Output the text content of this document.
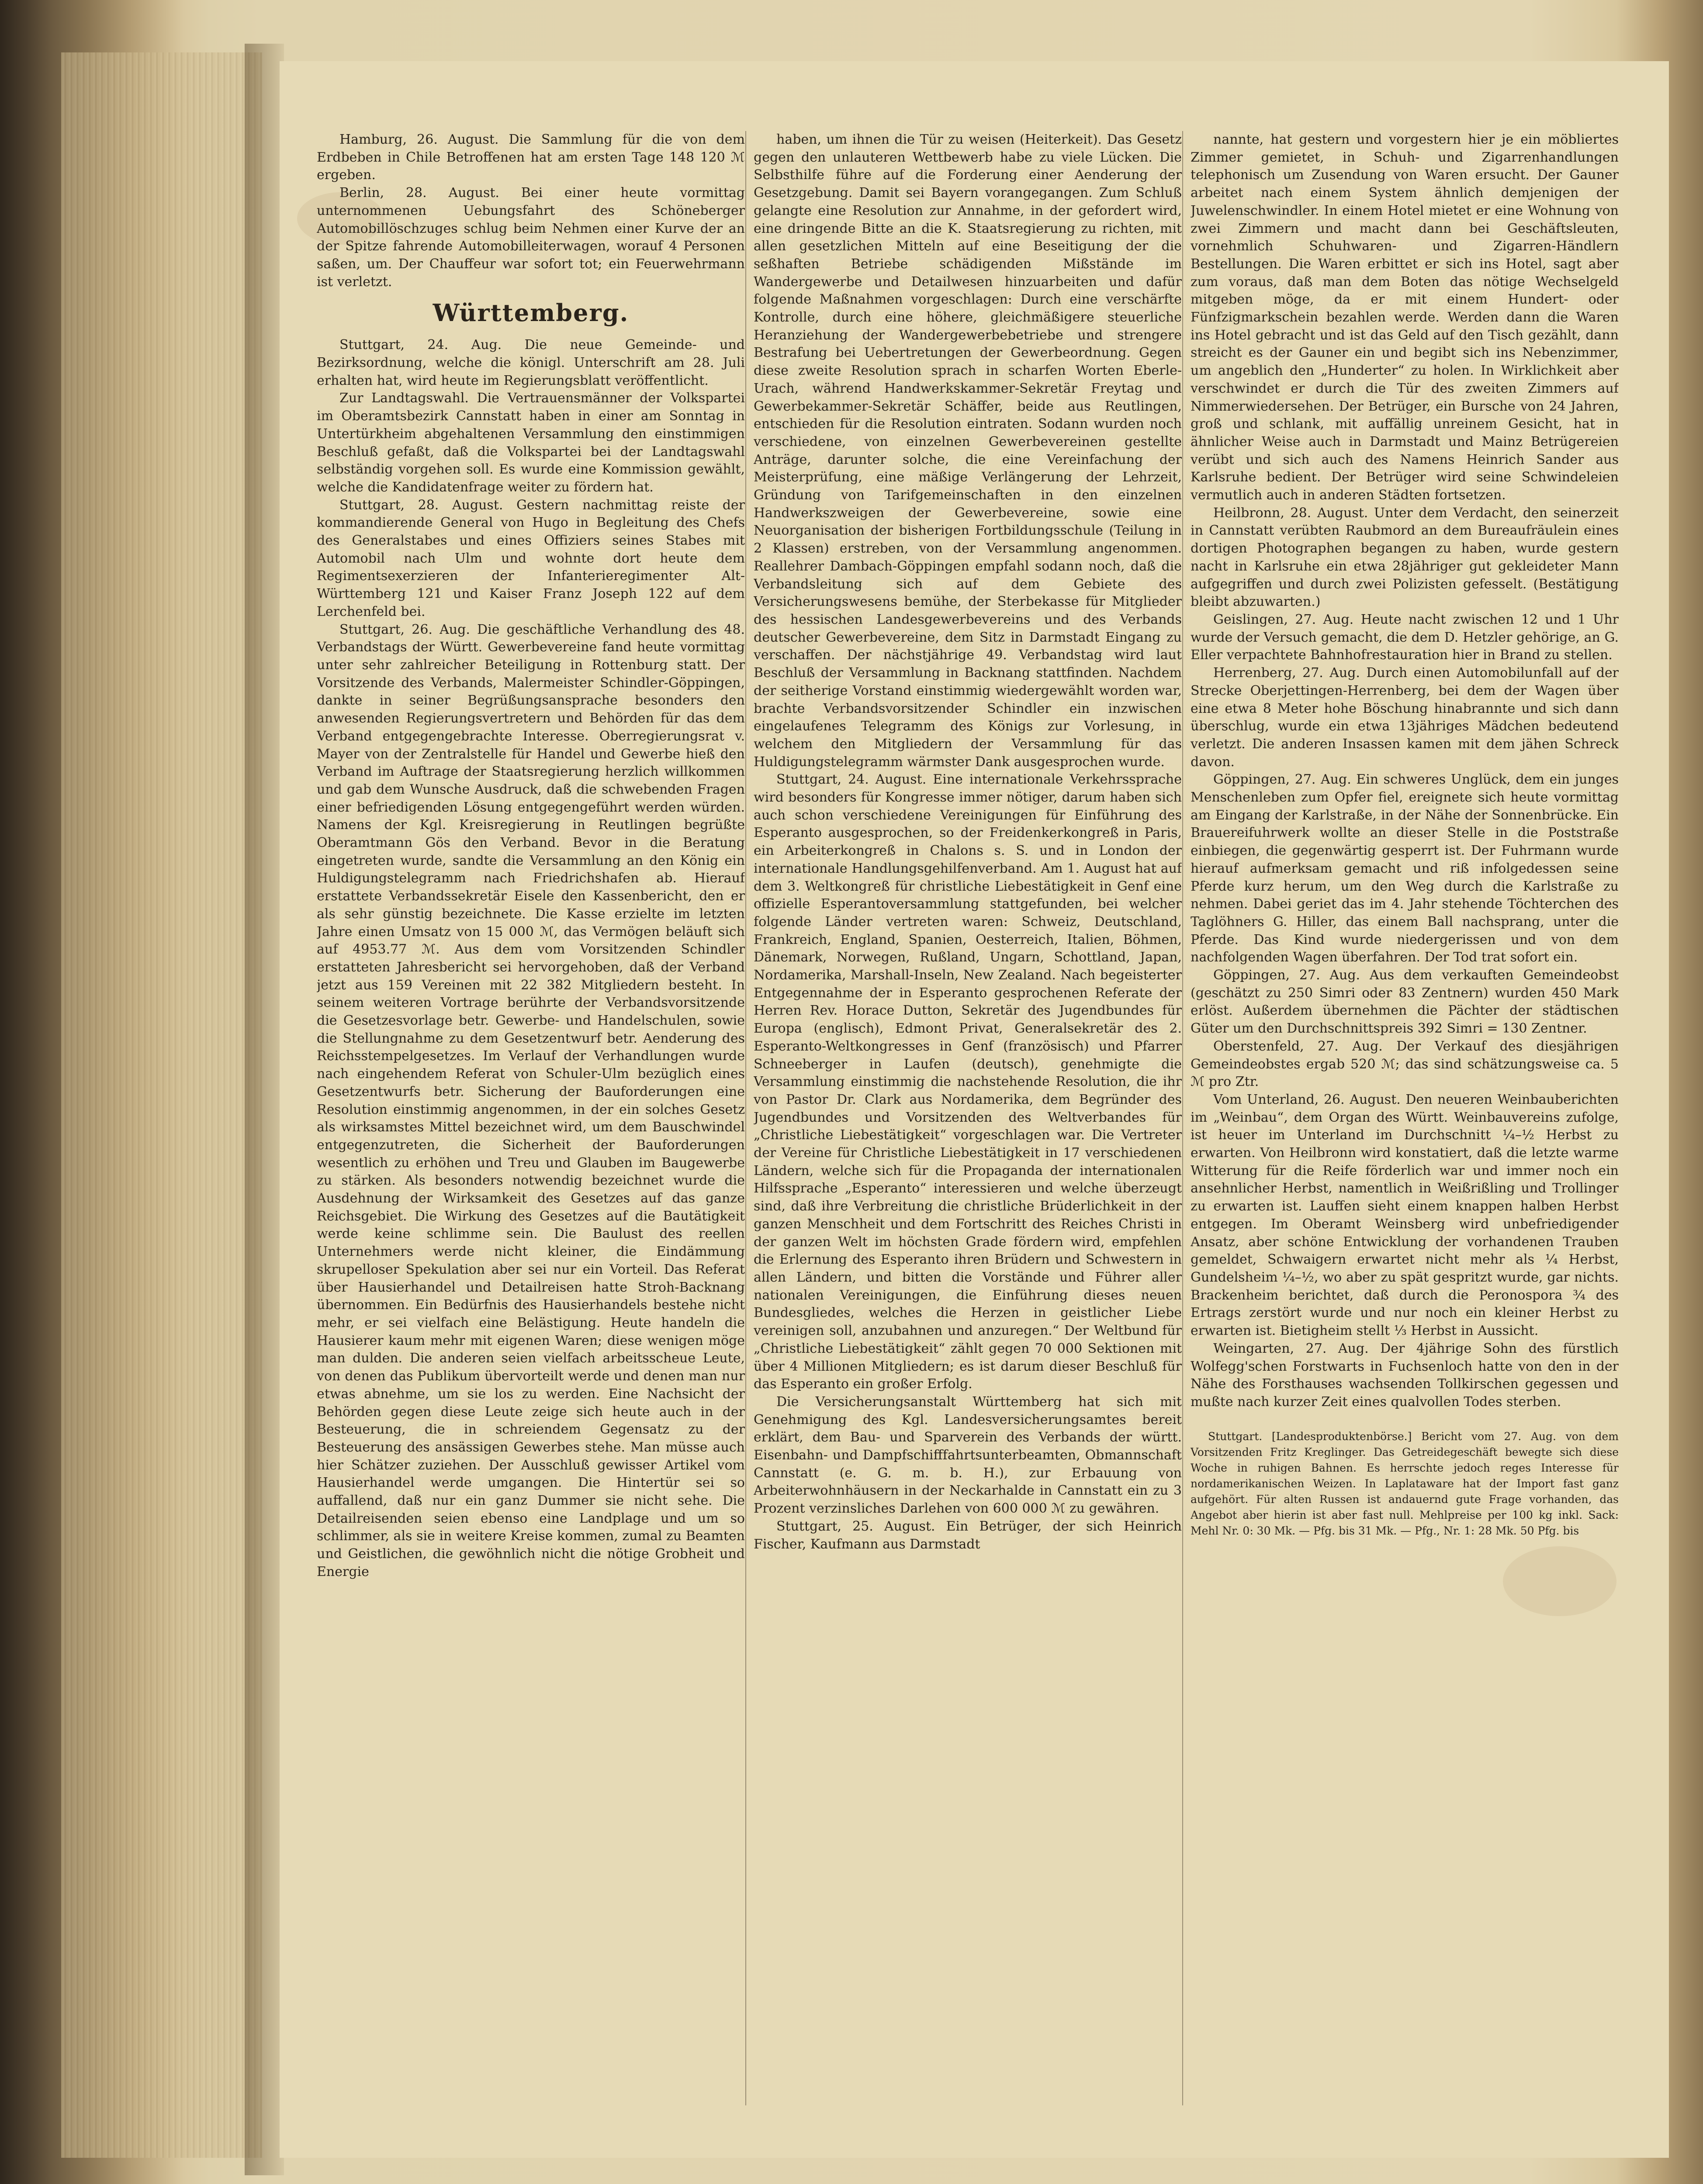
Hamburg, 26. August. Die Sammlung für die von dem Erdbeben in Chile Betroffenen hat am ersten Tage 148 120 ℳ ergeben.

Berlin, 28. August. Bei einer heute vormittag unternommenen Uebungsfahrt des Schöneberger Automobillöschzuges schlug beim Nehmen einer Kurve der an der Spitze fahrende Automobilleiterwagen, worauf 4 Personen saßen, um. Der Chauffeur war sofort tot; ein Feuerwehrmann ist verletzt.

Württemberg.

Stuttgart, 24. Aug. Die neue Gemeinde- und Bezirksordnung, welche die königl. Unterschrift am 28. Juli erhalten hat, wird heute im Regierungsblatt veröffentlicht.

Zur Landtagswahl. Die Vertrauensmänner der Volkspartei im Oberamtsbezirk Cannstatt haben in einer am Sonntag in Untertürkheim abgehaltenen Versammlung den einstimmigen Beschluß gefaßt, daß die Volkspartei bei der Landtagswahl selbständig vorgehen soll. Es wurde eine Kommission gewählt, welche die Kandidatenfrage weiter zu fördern hat.

Stuttgart, 28. August. Gestern nachmittag reiste der kommandierende General von Hugo in Begleitung des Chefs des Generalstabes und eines Offiziers seines Stabes mit Automobil nach Ulm und wohnte dort heute dem Regimentsexerzieren der Infanterieregimenter Alt-Württemberg 121 und Kaiser Franz Joseph 122 auf dem Lerchenfeld bei.

Stuttgart, 26. Aug. Die geschäftliche Verhandlung des 48. Verbandstags der Württ. Gewerbevereine fand heute vormittag unter sehr zahlreicher Beteiligung in Rottenburg statt. Der Vorsitzende des Verbands, Malermeister Schindler-Göppingen, dankte in seiner Begrüßungsansprache besonders den anwesenden Regierungsvertretern und Behörden für das dem Verband entgegengebrachte Interesse. Oberregierungsrat v. Mayer von der Zentralstelle für Handel und Gewerbe hieß den Verband im Auftrage der Staatsregierung herzlich willkommen und gab dem Wunsche Ausdruck, daß die schwebenden Fragen einer befriedigenden Lösung entgegengeführt werden würden. Namens der Kgl. Kreisregierung in Reutlingen begrüßte Oberamtmann Gös den Verband. Bevor in die Beratung eingetreten wurde, sandte die Versammlung an den König ein Huldigungstelegramm nach Friedrichshafen ab. Hierauf erstattete Verbandssekretär Eisele den Kassenbericht, den er als sehr günstig bezeichnete. Die Kasse erzielte im letzten Jahre einen Umsatz von 15 000 ℳ, das Vermögen beläuft sich auf 4953.77 ℳ. Aus dem vom Vorsitzenden Schindler erstatteten Jahresbericht sei hervorgehoben, daß der Verband jetzt aus 159 Vereinen mit 22 382 Mitgliedern besteht. In seinem weiteren Vortrage berührte der Verbandsvorsitzende die Gesetzesvorlage betr. Gewerbe- und Handelschulen, sowie die Stellungnahme zu dem Gesetzentwurf betr. Aenderung des Reichsstempelgesetzes. Im Verlauf der Verhandlungen wurde nach eingehendem Referat von Schuler-Ulm bezüglich eines Gesetzentwurfs betr. Sicherung der Bauforderungen eine Resolution einstimmig angenommen, in der ein solches Gesetz als wirksamstes Mittel bezeichnet wird, um dem Bauschwindel entgegenzutreten, die Sicherheit der Bauforderungen wesentlich zu erhöhen und Treu und Glauben im Baugewerbe zu stärken. Als besonders notwendig bezeichnet wurde die Ausdehnung der Wirksamkeit des Gesetzes auf das ganze Reichsgebiet. Die Wirkung des Gesetzes auf die Bautätigkeit werde keine schlimme sein. Die Baulust des reellen Unternehmers werde nicht kleiner, die Eindämmung skrupelloser Spekulation aber sei nur ein Vorteil. Das Referat über Hausierhandel und Detailreisen hatte Stroh-Backnang übernommen. Ein Bedürfnis des Hausierhandels bestehe nicht mehr, er sei vielfach eine Belästigung. Heute handeln die Hausierer kaum mehr mit eigenen Waren; diese wenigen möge man dulden. Die anderen seien vielfach arbeitsscheue Leute, von denen das Publikum übervorteilt werde und denen man nur etwas abnehme, um sie los zu werden. Eine Nachsicht der Behörden gegen diese Leute zeige sich heute auch in der Besteuerung, die in schreiendem Gegensatz zu der Besteuerung des ansässigen Gewerbes stehe. Man müsse auch hier Schätzer zuziehen. Der Ausschluß gewisser Artikel vom Hausierhandel werde umgangen. Die Hintertür sei so auffallend, daß nur ein ganz Dummer sie nicht sehe. Die Detailreisenden seien ebenso eine Landplage und um so schlimmer, als sie in weitere Kreise kommen, zumal zu Beamten und Geistlichen, die gewöhnlich nicht die nötige Grobheit und Energie

haben, um ihnen die Tür zu weisen (Heiterkeit). Das Gesetz gegen den unlauteren Wettbewerb habe zu viele Lücken. Die Selbsthilfe führe auf die Forderung einer Aenderung der Gesetzgebung. Damit sei Bayern vorangegangen. Zum Schluß gelangte eine Resolution zur Annahme, in der gefordert wird, eine dringende Bitte an die K. Staatsregierung zu richten, mit allen gesetzlichen Mitteln auf eine Beseitigung der die seßhaften Betriebe schädigenden Mißstände im Wandergewerbe und Detailwesen hinzuarbeiten und dafür folgende Maßnahmen vorgeschlagen: Durch eine verschärfte Kontrolle, durch eine höhere, gleichmäßigere steuerliche Heranziehung der Wandergewerbebetriebe und strengere Bestrafung bei Uebertretungen der Gewerbeordnung. Gegen diese zweite Resolution sprach in scharfen Worten Eberle-Urach, während Handwerkskammer-Sekretär Freytag und Gewerbekammer-Sekretär Schäffer, beide aus Reutlingen, entschieden für die Resolution eintraten. Sodann wurden noch verschiedene, von einzelnen Gewerbevereinen gestellte Anträge, darunter solche, die eine Vereinfachung der Meisterprüfung, eine mäßige Verlängerung der Lehrzeit, Gründung von Tarifgemeinschaften in den einzelnen Handwerkszweigen der Gewerbevereine, sowie eine Neuorganisation der bisherigen Fortbildungsschule (Teilung in 2 Klassen) erstreben, von der Versammlung angenommen. Reallehrer Dambach-Göppingen empfahl sodann noch, daß die Verbandsleitung sich auf dem Gebiete des Versicherungswesens bemühe, der Sterbekasse für Mitglieder des hessischen Landesgewerbevereins und des Verbands deutscher Gewerbevereine, dem Sitz in Darmstadt Eingang zu verschaffen. Der nächstjährige 49. Verbandstag wird laut Beschluß der Versammlung in Backnang stattfinden. Nachdem der seitherige Vorstand einstimmig wiedergewählt worden war, brachte Verbandsvorsitzender Schindler ein inzwischen eingelaufenes Telegramm des Königs zur Vorlesung, in welchem den Mitgliedern der Versammlung für das Huldigungstelegramm wärmster Dank ausgesprochen wurde.

Stuttgart, 24. August. Eine internationale Verkehrssprache wird besonders für Kongresse immer nötiger, darum haben sich auch schon verschiedene Vereinigungen für Einführung des Esperanto ausgesprochen, so der Freidenkerkongreß in Paris, ein Arbeiterkongreß in Chalons s. S. und in London der internationale Handlungsgehilfenverband. Am 1. August hat auf dem 3. Weltkongreß für christliche Liebestätigkeit in Genf eine offizielle Esperantoversammlung stattgefunden, bei welcher folgende Länder vertreten waren: Schweiz, Deutschland, Frankreich, England, Spanien, Oesterreich, Italien, Böhmen, Dänemark, Norwegen, Rußland, Ungarn, Schottland, Japan, Nordamerika, Marshall-Inseln, New Zealand. Nach begeisterter Entgegennahme der in Esperanto gesprochenen Referate der Herren Rev. Horace Dutton, Sekretär des Jugendbundes für Europa (englisch), Edmont Privat, Generalsekretär des 2. Esperanto-Weltkongresses in Genf (französisch) und Pfarrer Schneeberger in Laufen (deutsch), genehmigte die Versammlung einstimmig die nachstehende Resolution, die ihr von Pastor Dr. Clark aus Nordamerika, dem Begründer des Jugendbundes und Vorsitzenden des Weltverbandes für „Christliche Liebestätigkeit“ vorgeschlagen war. Die Vertreter der Vereine für Christliche Liebestätigkeit in 17 verschiedenen Ländern, welche sich für die Propaganda der internationalen Hilfssprache „Esperanto“ interessieren und welche überzeugt sind, daß ihre Verbreitung die christliche Brüderlichkeit in der ganzen Menschheit und dem Fortschritt des Reiches Christi in der ganzen Welt im höchsten Grade fördern wird, empfehlen die Erlernung des Esperanto ihren Brüdern und Schwestern in allen Ländern, und bitten die Vorstände und Führer aller nationalen Vereinigungen, die Einführung dieses neuen Bundesgliedes, welches die Herzen in geistlicher Liebe vereinigen soll, anzubahnen und anzuregen.“ Der Weltbund für „Christliche Liebestätigkeit“ zählt gegen 70 000 Sektionen mit über 4 Millionen Mitgliedern; es ist darum dieser Beschluß für das Esperanto ein großer Erfolg.

Die Versicherungsanstalt Württemberg hat sich mit Genehmigung des Kgl. Landesversicherungsamtes bereit erklärt, dem Bau- und Sparverein des Verbands der württ. Eisenbahn- und Dampfschifffahrtsunterbeamten, Obmannschaft Cannstatt (e. G. m. b. H.), zur Erbauung von Arbeiterwohnhäusern in der Neckarhalde in Cannstatt ein zu 3 Prozent verzinsliches Darlehen von 600 000 ℳ zu gewähren.

Stuttgart, 25. August. Ein Betrüger, der sich Heinrich Fischer, Kaufmann aus Darmstadt

nannte, hat gestern und vorgestern hier je ein möbliertes Zimmer gemietet, in Schuh- und Zigarrenhandlungen telephonisch um Zusendung von Waren ersucht. Der Gauner arbeitet nach einem System ähnlich demjenigen der Juwelenschwindler. In einem Hotel mietet er eine Wohnung von zwei Zimmern und macht dann bei Geschäftsleuten, vornehmlich Schuhwaren- und Zigarren-Händlern Bestellungen. Die Waren erbittet er sich ins Hotel, sagt aber zum voraus, daß man dem Boten das nötige Wechselgeld mitgeben möge, da er mit einem Hundert- oder Fünfzigmarkschein bezahlen werde. Werden dann die Waren ins Hotel gebracht und ist das Geld auf den Tisch gezählt, dann streicht es der Gauner ein und begibt sich ins Nebenzimmer, um angeblich den „Hunderter“ zu holen. In Wirklichkeit aber verschwindet er durch die Tür des zweiten Zimmers auf Nimmerwiedersehen. Der Betrüger, ein Bursche von 24 Jahren, groß und schlank, mit auffällig unreinem Gesicht, hat in ähnlicher Weise auch in Darmstadt und Mainz Betrügereien verübt und sich auch des Namens Heinrich Sander aus Karlsruhe bedient. Der Betrüger wird seine Schwindeleien vermutlich auch in anderen Städten fortsetzen.

Heilbronn, 28. August. Unter dem Verdacht, den seinerzeit in Cannstatt verübten Raubmord an dem Bureaufräulein eines dortigen Photographen begangen zu haben, wurde gestern nacht in Karlsruhe ein etwa 28jähriger gut gekleideter Mann aufgegriffen und durch zwei Polizisten gefesselt. (Bestätigung bleibt abzuwarten.)

Geislingen, 27. Aug. Heute nacht zwischen 12 und 1 Uhr wurde der Versuch gemacht, die dem D. Hetzler gehörige, an G. Eller verpachtete Bahnhofrestauration hier in Brand zu stellen.

Herrenberg, 27. Aug. Durch einen Automobilunfall auf der Strecke Oberjettingen-Herrenberg, bei dem der Wagen über eine etwa 8 Meter hohe Böschung hinabrannte und sich dann überschlug, wurde ein etwa 13jähriges Mädchen bedeutend verletzt. Die anderen Insassen kamen mit dem jähen Schreck davon.

Göppingen, 27. Aug. Ein schweres Unglück, dem ein junges Menschenleben zum Opfer fiel, ereignete sich heute vormittag am Eingang der Karlstraße, in der Nähe der Sonnenbrücke. Ein Brauereifuhrwerk wollte an dieser Stelle in die Poststraße einbiegen, die gegenwärtig gesperrt ist. Der Fuhrmann wurde hierauf aufmerksam gemacht und riß infolgedessen seine Pferde kurz herum, um den Weg durch die Karlstraße zu nehmen. Dabei geriet das im 4. Jahr stehende Töchterchen des Taglöhners G. Hiller, das einem Ball nachsprang, unter die Pferde. Das Kind wurde niedergerissen und von dem nachfolgenden Wagen überfahren. Der Tod trat sofort ein.

Göppingen, 27. Aug. Aus dem verkauften Gemeindeobst (geschätzt zu 250 Simri oder 83 Zentnern) wurden 450 Mark erlöst. Außerdem übernehmen die Pächter der städtischen Güter um den Durchschnittspreis 392 Simri = 130 Zentner.

Oberstenfeld, 27. Aug. Der Verkauf des diesjährigen Gemeindeobstes ergab 520 ℳ; das sind schätzungsweise ca. 5 ℳ pro Ztr.

Vom Unterland, 26. August. Den neueren Weinbauberichten im „Weinbau“, dem Organ des Württ. Weinbauvereins zufolge, ist heuer im Unterland im Durchschnitt ¼–½ Herbst zu erwarten. Von Heilbronn wird konstatiert, daß die letzte warme Witterung für die Reife förderlich war und immer noch ein ansehnlicher Herbst, namentlich in Weißrißling und Trollinger zu erwarten ist. Lauffen sieht einem knappen halben Herbst entgegen. Im Oberamt Weinsberg wird unbefriedigender Ansatz, aber schöne Entwicklung der vorhandenen Trauben gemeldet, Schwaigern erwartet nicht mehr als ¼ Herbst, Gundelsheim ¼–½, wo aber zu spät gespritzt wurde, gar nichts. Brackenheim berichtet, daß durch die Peronospora ¾ des Ertrags zerstört wurde und nur noch ein kleiner Herbst zu erwarten ist. Bietigheim stellt ⅓ Herbst in Aussicht.

Weingarten, 27. Aug. Der 4jährige Sohn des fürstlich Wolfegg'schen Forstwarts in Fuchsenloch hatte von den in der Nähe des Forsthauses wachsenden Tollkirschen gegessen und mußte nach kurzer Zeit eines qualvollen Todes sterben.

Stuttgart. [Landesproduktenbörse.] Bericht vom 27. Aug. von dem Vorsitzenden Fritz Kreglinger. Das Getreidegeschäft bewegte sich diese Woche in ruhigen Bahnen. Es herrschte jedoch reges Interesse für nordamerikanischen Weizen. In Laplataware hat der Import fast ganz aufgehört. Für alten Russen ist andauernd gute Frage vorhanden, das Angebot aber hierin ist aber fast null. Mehlpreise per 100 kg inkl. Sack: Mehl Nr. 0: 30 Mk. — Pfg. bis 31 Mk. — Pfg., Nr. 1: 28 Mk. 50 Pfg. bis
